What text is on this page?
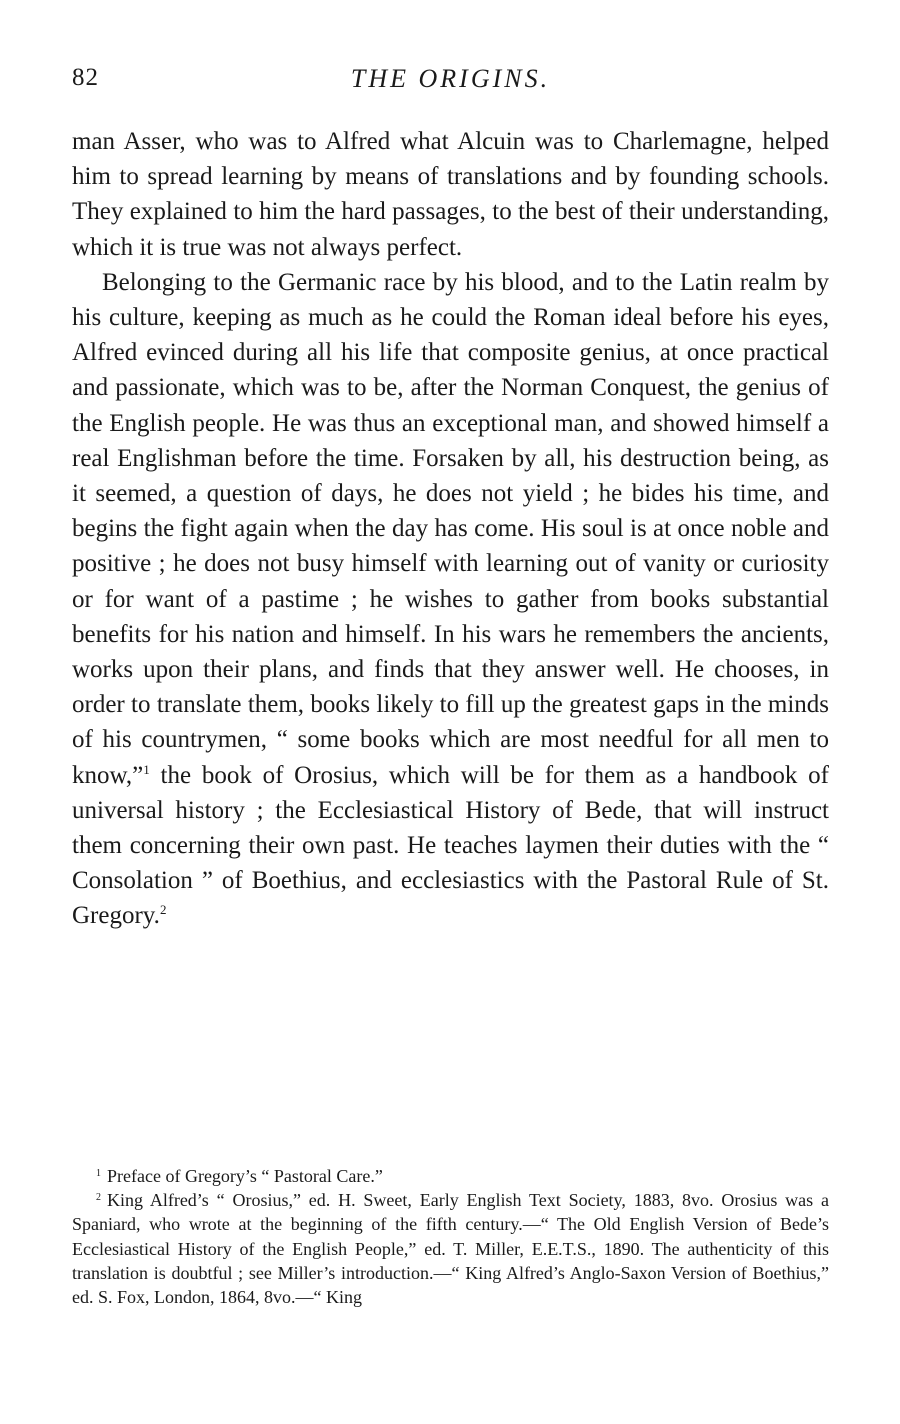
82	THE ORIGINS.

man Asser, who was to Alfred what Alcuin was to Charlemagne, helped him to spread learning by means of translations and by founding schools. They explained to him the hard passages, to the best of their understanding, which it is true was not always perfect.

Belonging to the Germanic race by his blood, and to the Latin realm by his culture, keeping as much as he could the Roman ideal before his eyes, Alfred evinced during all his life that composite genius, at once practical and passionate, which was to be, after the Norman Conquest, the genius of the English people. He was thus an exceptional man, and showed himself a real Englishman before the time. Forsaken by all, his destruction being, as it seemed, a question of days, he does not yield ; he bides his time, and begins the fight again when the day has come. His soul is at once noble and positive ; he does not busy himself with learning out of vanity or curiosity or for want of a pastime ; he wishes to gather from books substantial benefits for his nation and himself. In his wars he remembers the ancients, works upon their plans, and finds that they answer well. He chooses, in order to translate them, books likely to fill up the greatest gaps in the minds of his countrymen, “ some books which are most needful for all men to know,”$^1$ the book of Orosius, which will be for them as a handbook of universal history ; the Ecclesiastical History of Bede, that will instruct them concerning their own past. He teaches laymen their duties with the “ Consolation ” of Boethius, and ecclesiastics with the Pastoral Rule of St. Gregory.$^2$

$^1$ Preface of Gregory’s “ Pastoral Care.”

$^2$ King Alfred’s “ Orosius,” ed. H. Sweet, Early English Text Society, 1883, 8vo. Orosius was a Spaniard, who wrote at the beginning of the fifth century.—“ The Old English Version of Bede’s Ecclesiastical History of the English People,” ed. T. Miller, E.E.T.S., 1890. The authenticity of this translation is doubtful ; see Miller’s introduction.—“ King Alfred’s Anglo-Saxon Version of Boethius,” ed. S. Fox, London, 1864, 8vo.—“ King
